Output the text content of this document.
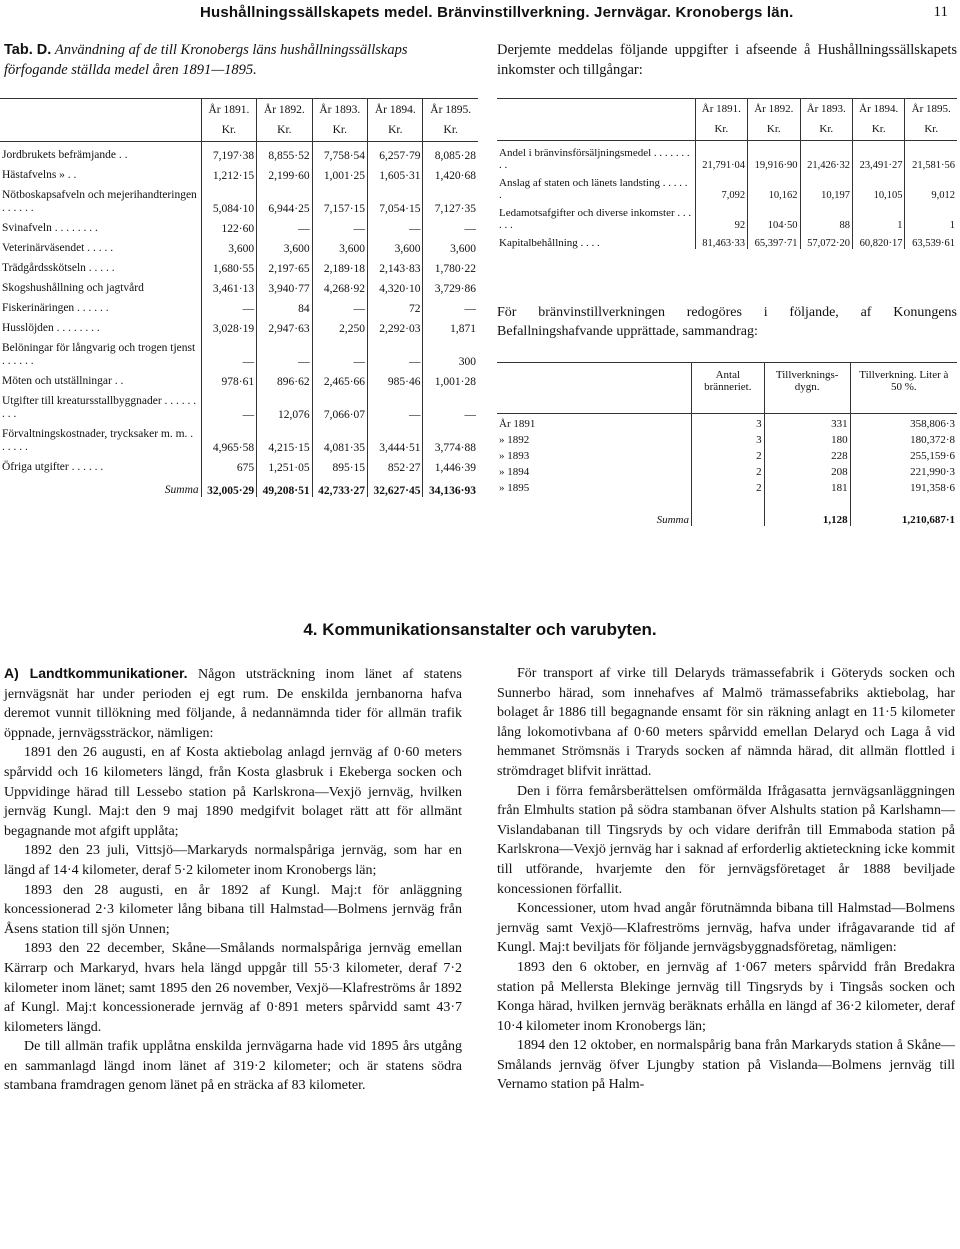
Hushållningssällskapets medel. Bränvinstillverkning. Jernvägar. Kronobergs län.	11
Tab. D. Användning af de till Kronobergs läns hushållningssällskaps förfogande ställda medel åren 1891—1895.
Derjemte meddelas följande uppgifter i afseende å Hushållningssällskapets inkomster och tillgångar:
	År 1891.	År 1892.	År 1893.	År 1894.	År 1895.
	Kr.	Kr.	Kr.	Kr.	Kr.
Jordbrukets befrämjande . .	7,197·38	8,855·52	7,758·54	6,257·79	8,085·28
Hästafvelns » . .	1,212·15	2,199·60	1,001·25	1,605·31	1,420·68
Nötboskapsafveln och mejerihandteringen . . . . . .	5,084·10	6,944·25	7,157·15	7,054·15	7,127·35
Svinafveln . . . . . . . .	122·60	—	—	—	—
Veterinärväsendet . . . . .	3,600	3,600	3,600	3,600	3,600
Trädgårdsskötseln . . . . .	1,680·55	2,197·65	2,189·18	2,143·83	1,780·22
Skogshushållning och jagtvård	3,461·13	3,940·77	4,268·92	4,320·10	3,729·86
Fiskerinäringen . . . . . .	—	84	—	72	—
Husslöjden . . . . . . . .	3,028·19	2,947·63	2,250	2,292·03	1,871
Belöningar för långvarig och trogen tjenst . . . . . .	—	—	—	—	300
Möten och utställningar . .	978·61	896·62	2,465·66	985·46	1,001·28
Utgifter till kreatursstallbyggnader . . . . . . . . .	—	12,076	7,066·07	—	—
Förvaltningskostnader, trycksaker m. m. . . . . . .	4,965·58	4,215·15	4,081·35	3,444·51	3,774·88
Öfriga utgifter . . . . . .	675	1,251·05	895·15	852·27	1,446·39
Summa	32,005·29	49,208·51	42,733·27	32,627·45	34,136·93
	År 1891.	År 1892.	År 1893.	År 1894.	År 1895.
	Kr.	Kr.	Kr.	Kr.	Kr.
Andel i bränvinsförsäljningsmedel . . . . . . . . .	21,791·04	19,916·90	21,426·32	23,491·27	21,581·56
Anslag af staten och länets landsting . . . . . .	7,092	10,162	10,197	10,105	9,012
Ledamotsafgifter och diverse inkomster . . . . . .	92	104·50	88	1	1
Kapitalbehållning . . . .	81,463·33	65,397·71	57,072·20	60,820·17	63,539·61
För bränvinstillverkningen redogöres i följande, af Konungens Befallningshafvande upprättade, sammandrag:
	Antal bränneriet.	Tillverknings-dygn.	Tillverkning. Liter à 50 %.
År 1891	3	331	358,806·3
» 1892	3	180	180,372·8
» 1893	2	228	255,159·6
» 1894	2	208	221,990·3
» 1895	2	181	191,358·6
Summa		1,128	1,210,687·1
4. Kommunikationsanstalter och varubyten.

A) Landtkommunikationer. Någon utsträckning inom länet af statens jernvägsnät har under perioden ej egt rum. De enskilda jernbanorna hafva deremot vunnit tillökning med följande, å nedannämnda tider för allmän trafik öppnade, jernvägssträckor, nämligen:

1891 den 26 augusti, en af Kosta aktiebolag anlagd jernväg af 0·60 meters spårvidd och 16 kilometers längd, från Kosta glasbruk i Ekeberga socken och Uppvidinge härad till Lessebo station på Karlskrona—Vexjö jernväg, hvilken jernväg Kungl. Maj:t den 9 maj 1890 medgifvit bolaget rätt att för allmänt begagnande mot afgift upplåta;

1892 den 23 juli, Vittsjö—Markaryds normalspåriga jernväg, som har en längd af 14·4 kilometer, deraf 5·2 kilometer inom Kronobergs län;

1893 den 28 augusti, en år 1892 af Kungl. Maj:t för anläggning koncessionerad 2·3 kilometer lång bibana till Halmstad—Bolmens jernväg från Åsens station till sjön Unnen;

1893 den 22 december, Skåne—Smålands normalspåriga jernväg emellan Kärrarp och Markaryd, hvars hela längd uppgår till 55·3 kilometer, deraf 7·2 kilometer inom länet; samt 1895 den 26 november, Vexjö—Klafreströms år 1892 af Kungl. Maj:t koncessionerade jernväg af 0·891 meters spårvidd samt 43·7 kilometers längd.

De till allmän trafik upplåtna enskilda jernvägarna hade vid 1895 års utgång en sammanlagd längd inom länet af 319·2 kilometer; och är statens södra stambana framdragen genom länet på en sträcka af 83 kilometer.

För transport af virke till Delaryds trämassefabrik i Göteryds socken och Sunnerbo härad, som innehafves af Malmö trämassefabriks aktiebolag, har bolaget år 1886 till begagnande ensamt för sin räkning anlagt en 11·5 kilometer lång lokomotivbana af 0·60 meters spårvidd emellan Delaryd och Laga å vid hemmanet Strömsnäs i Traryds socken af nämnda härad, dit allmän flottled i strömdraget blifvit inrättad.

Den i förra femårsberättelsen omförmälda Ifrågasatta jernvägsanläggningen från Elmhults station på södra stambanan öfver Alshults station på Karlshamn—Vislandabanan till Tingsryds by och vidare derifrån till Emmaboda station på Karlskrona—Vexjö jernväg har i saknad af erforderlig aktieteckning icke kommit till utförande, hvarjemte den för jernvägsföretaget år 1888 beviljade koncessionen förfallit.

Koncessioner, utom hvad angår förutnämnda bibana till Halmstad—Bolmens jernväg samt Vexjö—Klafreströms jernväg, hafva under ifrågavarande tid af Kungl. Maj:t beviljats för följande jernvägsbyggnadsföretag, nämligen:

1893 den 6 oktober, en jernväg af 1·067 meters spårvidd från Bredakra station på Mellersta Blekinge jernväg till Tingsryds by i Tingsås socken och Konga härad, hvilken jernväg beräknats erhålla en längd af 36·2 kilometer, deraf 10·4 kilometer inom Kronobergs län;

1894 den 12 oktober, en normalspårig bana från Markaryds station å Skåne—Smålands jernväg öfver Ljungby station på Vislanda—Bolmens jernväg till Vernamo station på Halm-
